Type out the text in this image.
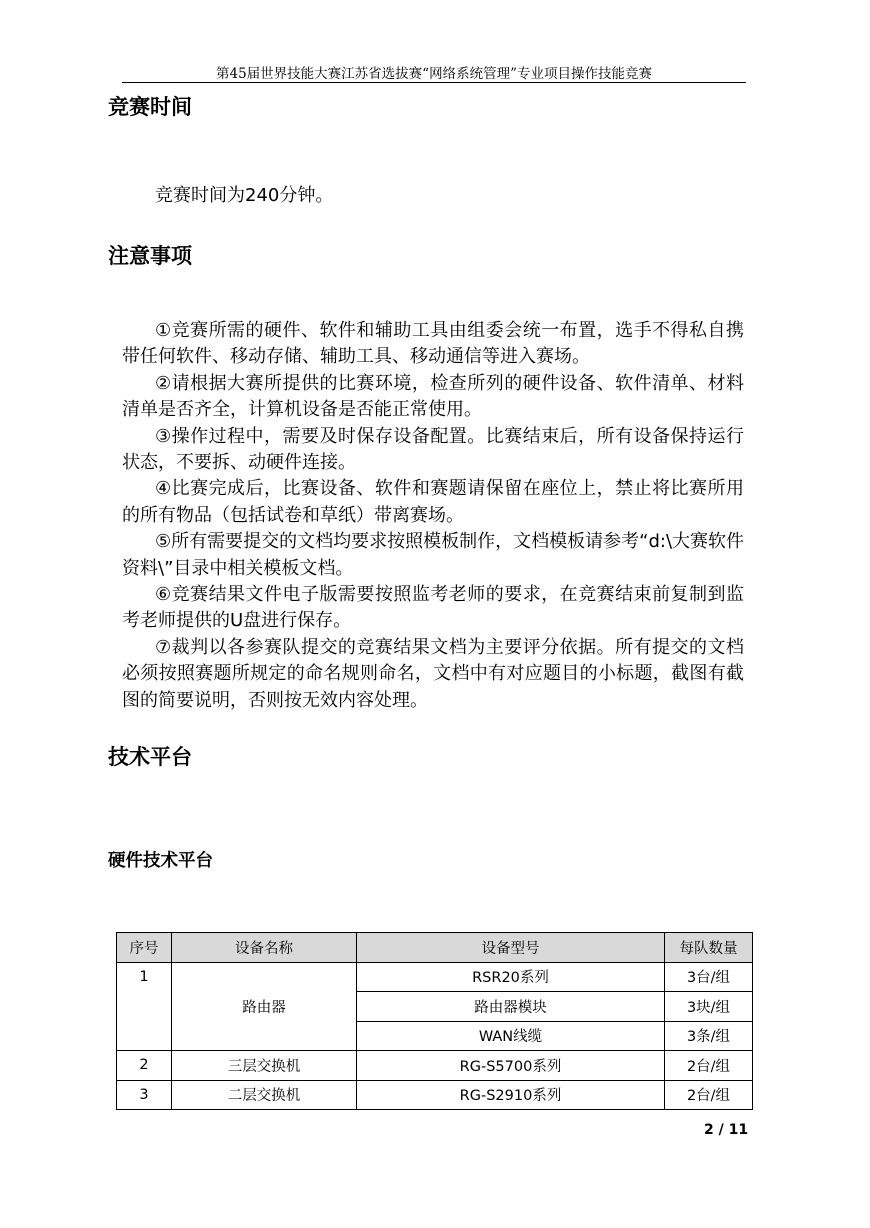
第45届世界技能大赛江苏省选拔赛“网络系统管理”专业项目操作技能竞赛
竞赛时间

竞赛时间为240分钟。

注意事项

①竞赛所需的硬件、软件和辅助工具由组委会统一布置，选手不得私自携带任何软件、移动存储、辅助工具、移动通信等进入赛场。

②请根据大赛所提供的比赛环境，检查所列的硬件设备、软件清单、材料清单是否齐全，计算机设备是否能正常使用。

③操作过程中，需要及时保存设备配置。比赛结束后，所有设备保持运行状态，不要拆、动硬件连接。

④比赛完成后，比赛设备、软件和赛题请保留在座位上，禁止将比赛所用的所有物品（包括试卷和草纸）带离赛场。

⑤所有需要提交的文档均要求按照模板制作，文档模板请参考“d:\大赛软件资料\”目录中相关模板文档。

⑥竞赛结果文件电子版需要按照监考老师的要求，在竞赛结束前复制到监考老师提供的U盘进行保存。

⑦裁判以各参赛队提交的竞赛结果文档为主要评分依据。所有提交的文档必须按照赛题所规定的命名规则命名，文档中有对应题目的小标题，截图有截图的简要说明，否则按无效内容处理。

技术平台
硬件技术平台
序号	设备名称	设备型号	每队数量
1	路由器	RSR20系列	3台/组
		路由器模块	3块/组
		WAN线缆	3条/组
2	三层交换机	RG-S5700系列	2台/组
3	二层交换机	RG-S2910系列	2台/组
2 / 11
